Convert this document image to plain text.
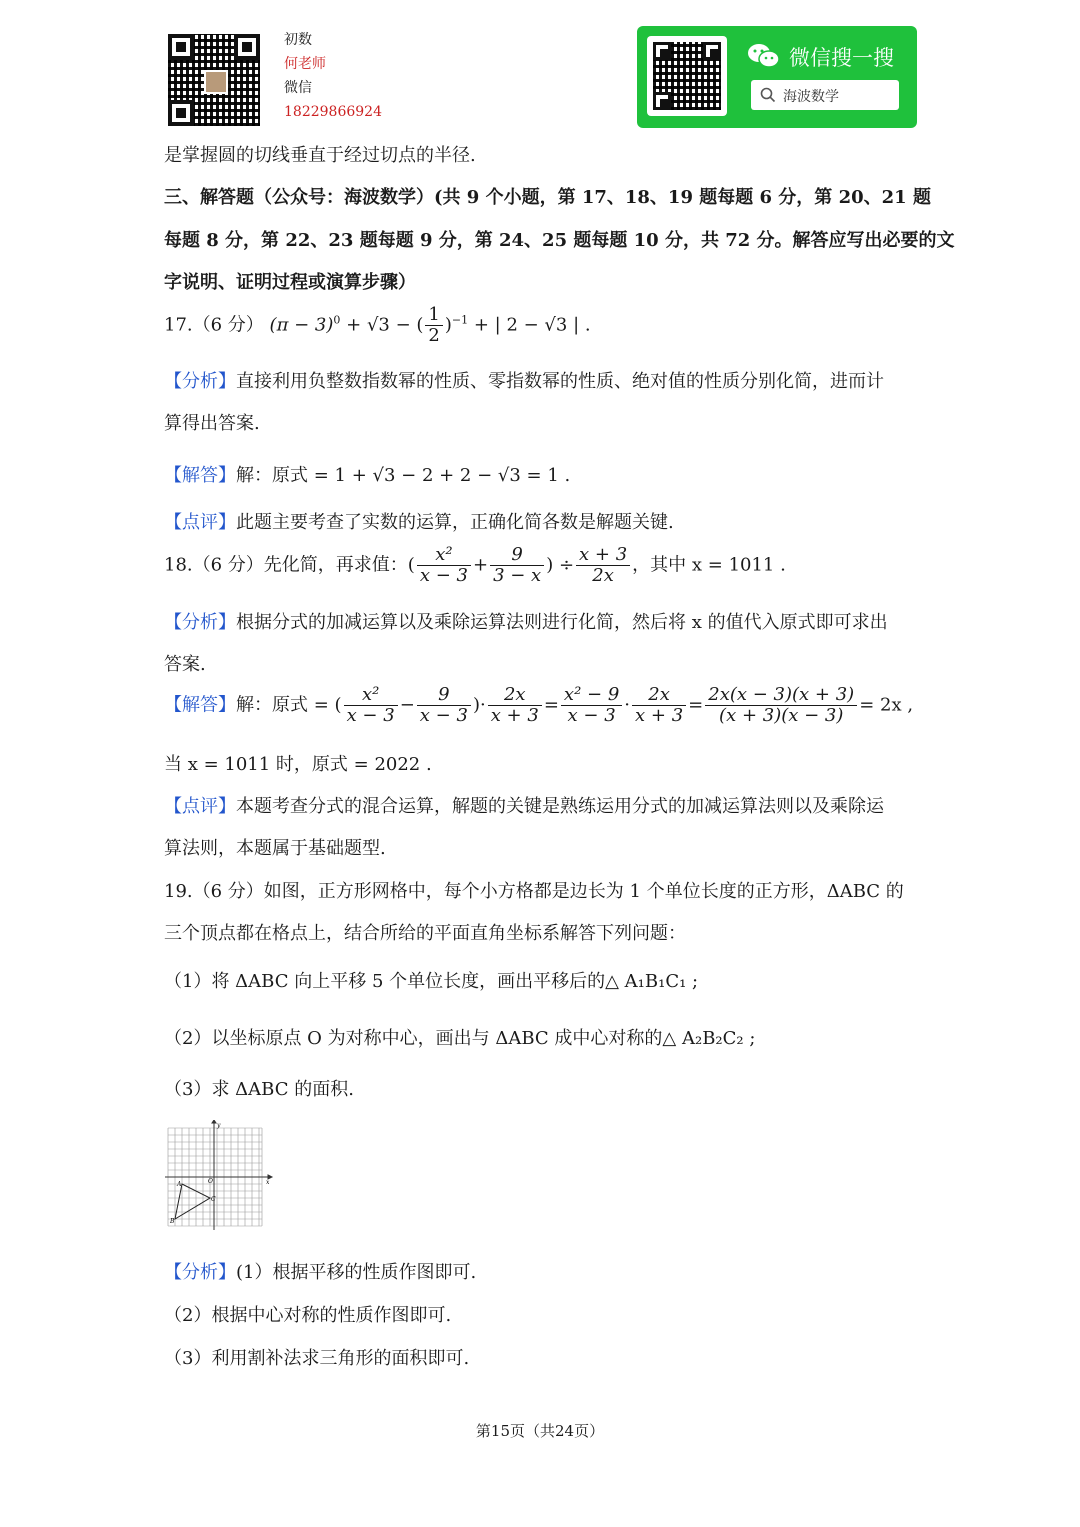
初数
何老师
微信
18229866924
微信搜一搜
海波数学
是掌握圆的切线垂直于经过切点的半径.
三、解答题（公众号：海波数学）(共 9 个小题，第 17、18、19 题每题 6 分，第 20、21 题
每题 8 分，第 22、23 题每题 9 分，第 24、25 题每题 10 分，共 72 分。解答应写出必要的文
字说明、证明过程或演算步骤）
17.（6 分） $(\pi - 3)^0 + √3$ − ( $\frac{1}{2} )^{-1}$ + | 2 − √3 | .
【分析】直接利用负整数指数幂的性质、零指数幂的性质、绝对值的性质分别化简，进而计
算得出答案.
【解答】解：原式 = 1 + √3 − 2 + 2 − √3 = 1 .
【点评】此题主要考查了实数的运算，正确化简各数是解题关键.
18.（6 分）先化简，再求值：( $\frac{\text{x²}}{x - 3} + \frac{9}{3 - x}$ ) ÷ $\frac{x + 3}{2x}$ ，其中 x = 1011 .
【分析】根据分式的加减运算以及乘除运算法则进行化简，然后将 x 的值代入原式即可求出
答案.
【解答】解：原式 = ( $\frac{\text{x²}}{x - 3} - \frac{9}{x - 3}$ )· $\frac{2x}{x + 3} = \frac{\text{x² − 9}}{x - 3} \cdot \frac{2x}{x + 3} = \frac{2x(x - 3)(x + 3)}{(x + 3)(x - 3)} = 2x$ ,
当 x = 1011 时，原式 = 2022 .
【点评】本题考查分式的混合运算，解题的关键是熟练运用分式的加减运算法则以及乘除运
算法则，本题属于基础题型.
19.（6 分）如图，正方形网格中，每个小方格都是边长为 1 个单位长度的正方形，ΔABC 的
三个顶点都在格点上，结合所给的平面直角坐标系解答下列问题：
（1）将 ΔABC 向上平移 5 个单位长度，画出平移后的△ A₁B₁C₁ ;
（2）以坐标原点 O 为对称中心，画出与 ΔABC 成中心对称的△ A₂B₂C₂ ;
（3）求 ΔABC 的面积.
y
x
O
A
B
C
【分析】(1）根据平移的性质作图即可.
（2）根据中心对称的性质作图即可.
（3）利用割补法求三角形的面积即可.
第15页（共24页）
